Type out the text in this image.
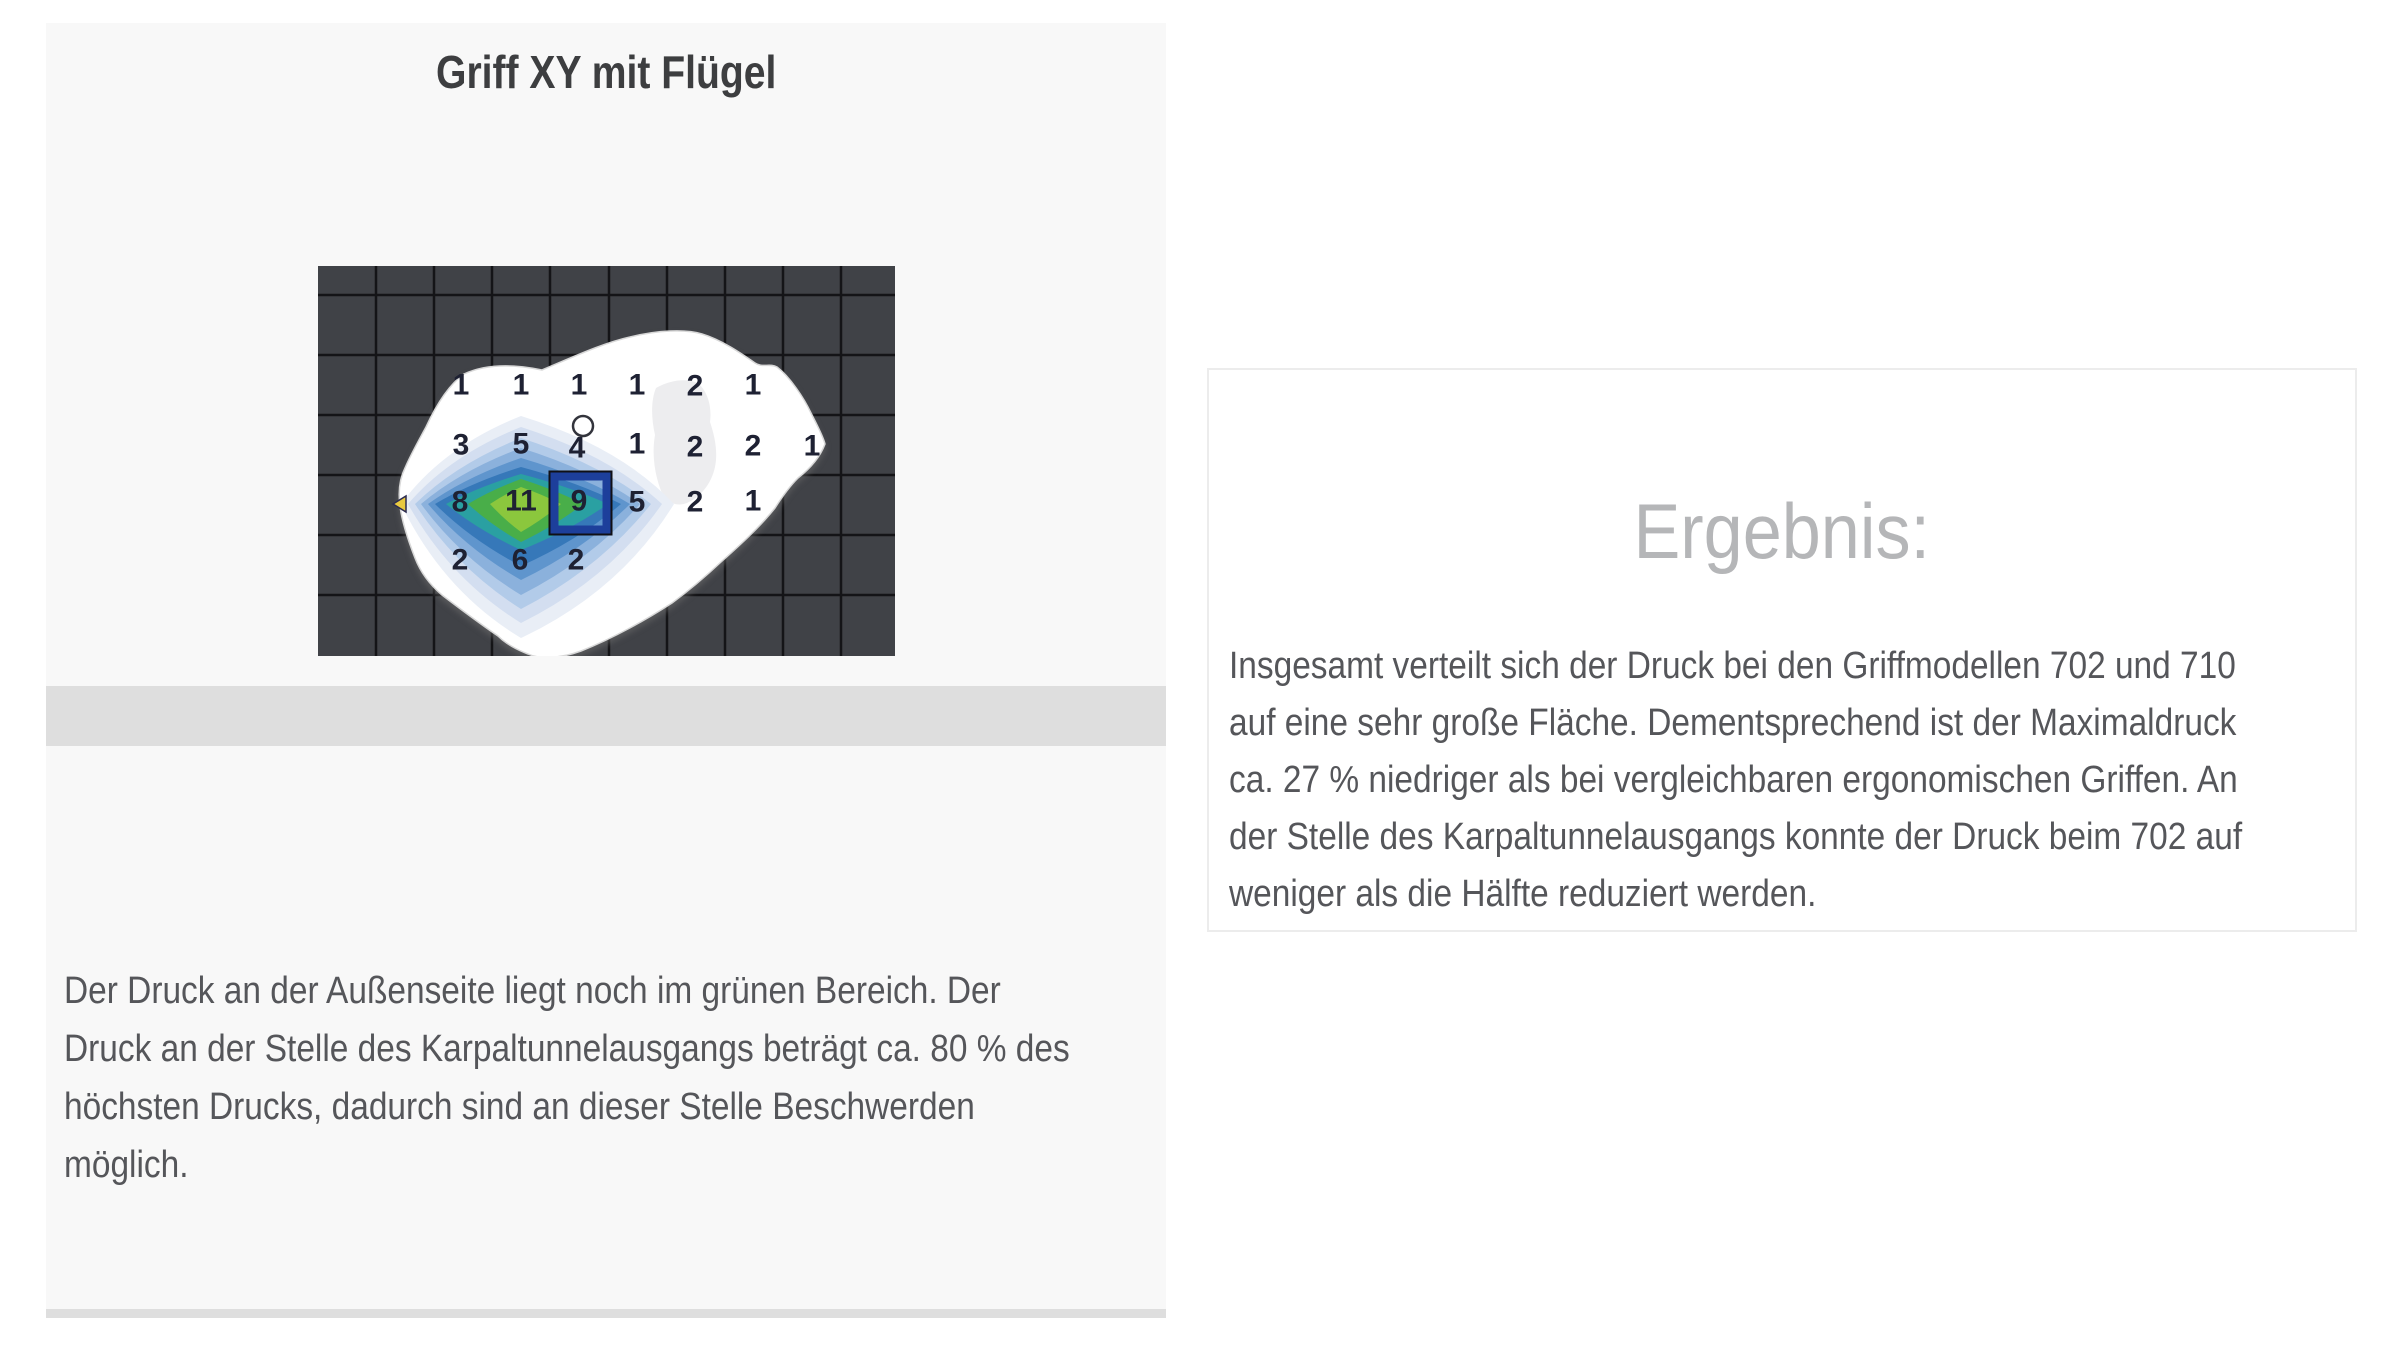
Griff XY mit Flügel
1 1 1 1 2 1
3 5 4 1 2 2 1
8 11 9 5 2 1
2 6 2
Der Druck an der Außenseite liegt noch im grünen Bereich. Der
Druck an der Stelle des Karpaltunnelausgangs beträgt ca. 80 % des
höchsten Drucks, dadurch sind an dieser Stelle Beschwerden
möglich.
Ergebnis:
Insgesamt verteilt sich der Druck bei den Griffmodellen 702 und 710
auf eine sehr große Fläche. Dementsprechend ist der Maximaldruck
ca. 27 % niedriger als bei vergleichbaren ergonomischen Griffen. An
der Stelle des Karpaltunnelausgangs konnte der Druck beim 702 auf
weniger als die Hälfte reduziert werden.
